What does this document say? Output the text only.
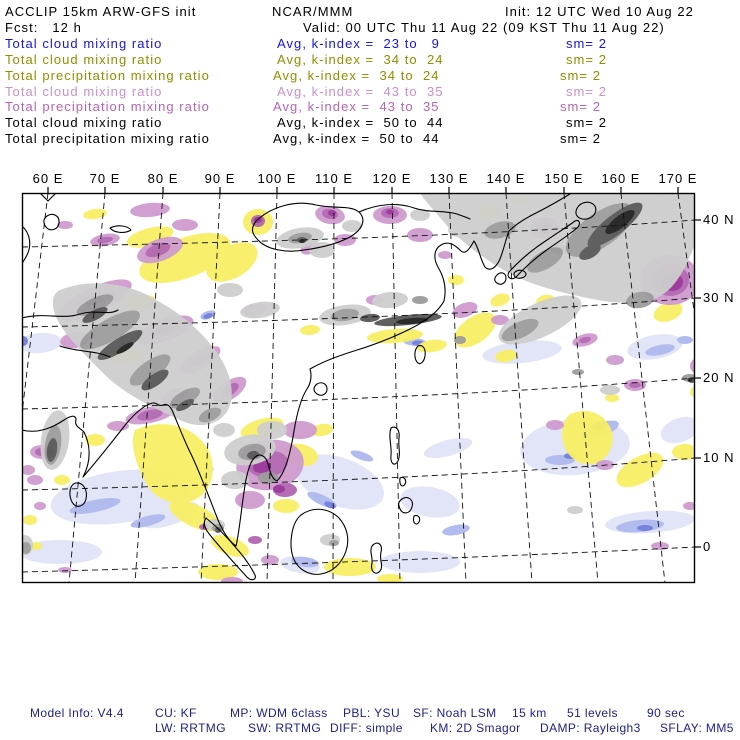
ACCLIP 15km ARW-GFS init	NCAR/MMM	Init: 12 UTC Wed 10 Aug 22
Fcst:   12 h	Valid: 00 UTC Thu 11 Aug 22 (09 KST Thu 11 Aug 22)
Total cloud mixing ratio	Avg, k-index =  23 to   9	sm= 2
Total cloud mixing ratio	Avg, k-index =  34 to  24	sm= 2
Total precipitation mixing ratio	Avg, k-index =  34 to  24	sm= 2
Total cloud mixing ratio	Avg, k-index =  43 to  35	sm= 2
Total precipitation mixing ratio	Avg, k-index =  43 to  35	sm= 2
Total cloud mixing ratio	Avg, k-index =  50 to  44	sm= 2
Total precipitation mixing ratio	Avg, k-index =  50 to  44	sm= 2
60 E	70 E	80 E	90 E	100 E	110 E	120 E	130 E	140 E	150 E	160 E	170 E
40 N
30 N
20 N
10 N
0
Model Info: V4.4	CU: KF	MP: WDM 6class PBL: YSU SF: Noah LSM 15 km 51 levels 90 sec
LW: RRTMG SW: RRTMG DIFF: simple KM: 2D Smagor DAMP: Rayleigh3 SFLAY: MM5
